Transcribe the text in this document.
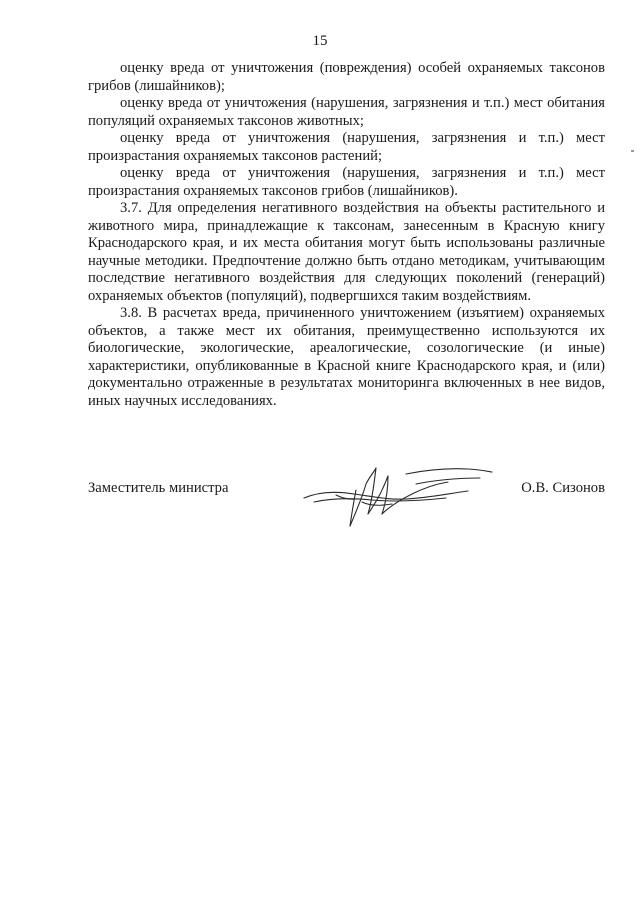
15

оценку вреда от уничтожения (повреждения) особей охраняемых таксонов грибов (лишайников);

оценку вреда от уничтожения (нарушения, загрязнения и т.п.) мест обитания популяций охраняемых таксонов животных;

оценку вреда от уничтожения (нарушения, загрязнения и т.п.) мест произрастания охраняемых таксонов растений;

оценку вреда от уничтожения (нарушения, загрязнения и т.п.) мест произрастания охраняемых таксонов грибов (лишайников).

3.7. Для определения негативного воздействия на объекты растительного и животного мира, принадлежащие к таксонам, занесенным в Красную книгу Краснодарского края, и их места обитания могут быть использованы различные научные методики. Предпочтение должно быть отдано методикам, учитывающим последствие негативного воздействия для следующих поколений (генераций) охраняемых объектов (популяций), подвергшихся таким воздействиям.

3.8. В расчетах вреда, причиненного уничтожением (изъятием) охраняемых объектов, а также мест их обитания, преимущественно используются их биологические, экологические, ареалогические, созологические (и иные) характеристики, опубликованные в Красной книге Краснодарского края, и (или) документально отраженные в результатах мониторинга включенных в нее видов, иных научных исследованиях.

Заместитель министра	О.В. Сизонов
